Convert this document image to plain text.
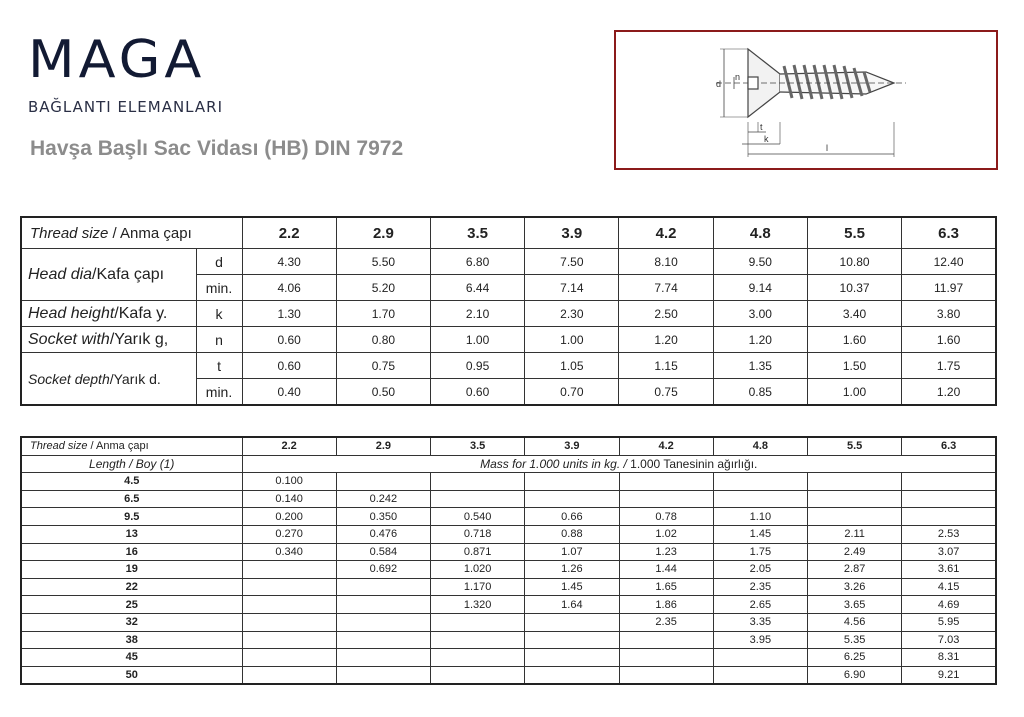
MAGA
BAĞLANTI ELEMANLARI
Havşa Başlı Sac Vidası (HB) DIN 7972
d
n
t
k
l
Thread size / Anma çapı		2.2	2.9	3.5	3.9	4.2	4.8	5.5	6.3
Head dia/Kafa çapı	d	4.30	5.50	6.80	7.50	8.10	9.50	10.80	12.40
	min.	4.06	5.20	6.44	7.14	7.74	9.14	10.37	11.97
Head height/Kafa y.	k	1.30	1.70	2.10	2.30	2.50	3.00	3.40	3.80
Socket with/Yarık g,	n	0.60	0.80	1.00	1.00	1.20	1.20	1.60	1.60
Socket depth/Yarık d.	t	0.60	0.75	0.95	1.05	1.15	1.35	1.50	1.75
	min.	0.40	0.50	0.60	0.70	0.75	0.85	1.00	1.20
Thread size / Anma çapı	2.2	2.9	3.5	3.9	4.2	4.8	5.5	6.3
Length / Boy (1)	Mass for 1.000 units in kg. / 1.000 Tanesinin ağırlığı.							
4.5	0.100							
6.5	0.140	0.242						
9.5	0.200	0.350	0.540	0.66	0.78	1.10		
13	0.270	0.476	0.718	0.88	1.02	1.45	2.11	2.53
16	0.340	0.584	0.871	1.07	1.23	1.75	2.49	3.07
19		0.692	1.020	1.26	1.44	2.05	2.87	3.61
22			1.170	1.45	1.65	2.35	3.26	4.15
25			1.320	1.64	1.86	2.65	3.65	4.69
32					2.35	3.35	4.56	5.95
38						3.95	5.35	7.03
45							6.25	8.31
50							6.90	9.21
